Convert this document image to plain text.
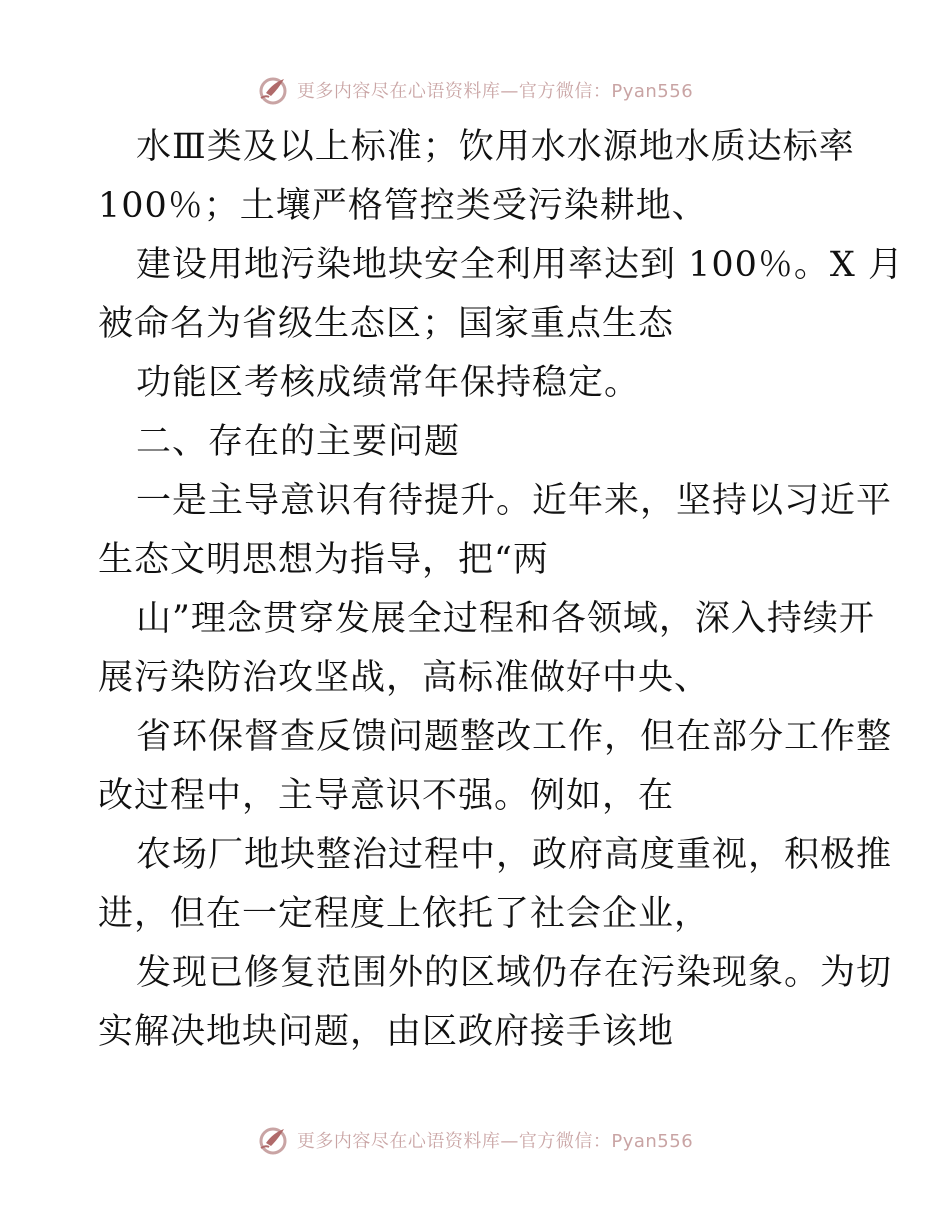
更多内容尽在心语资料库—官方微信：Pyan556
水Ⅲ类及以上标准；饮用水水源地水质达标率
100％；土壤严格管控类受污染耕地、
建设用地污染地块安全利用率达到 100％。X 月
被命名为省级生态区；国家重点生态
功能区考核成绩常年保持稳定。
二、存在的主要问题
一是主导意识有待提升。近年来，坚持以习近平
生态文明思想为指导，把“两
山”理念贯穿发展全过程和各领域，深入持续开
展污染防治攻坚战，高标准做好中央、
省环保督查反馈问题整改工作，但在部分工作整
改过程中，主导意识不强。例如，在
农场厂地块整治过程中，政府高度重视，积极推
进，但在一定程度上依托了社会企业，
发现已修复范围外的区域仍存在污染现象。为切
实解决地块问题，由区政府接手该地
更多内容尽在心语资料库—官方微信：Pyan556
